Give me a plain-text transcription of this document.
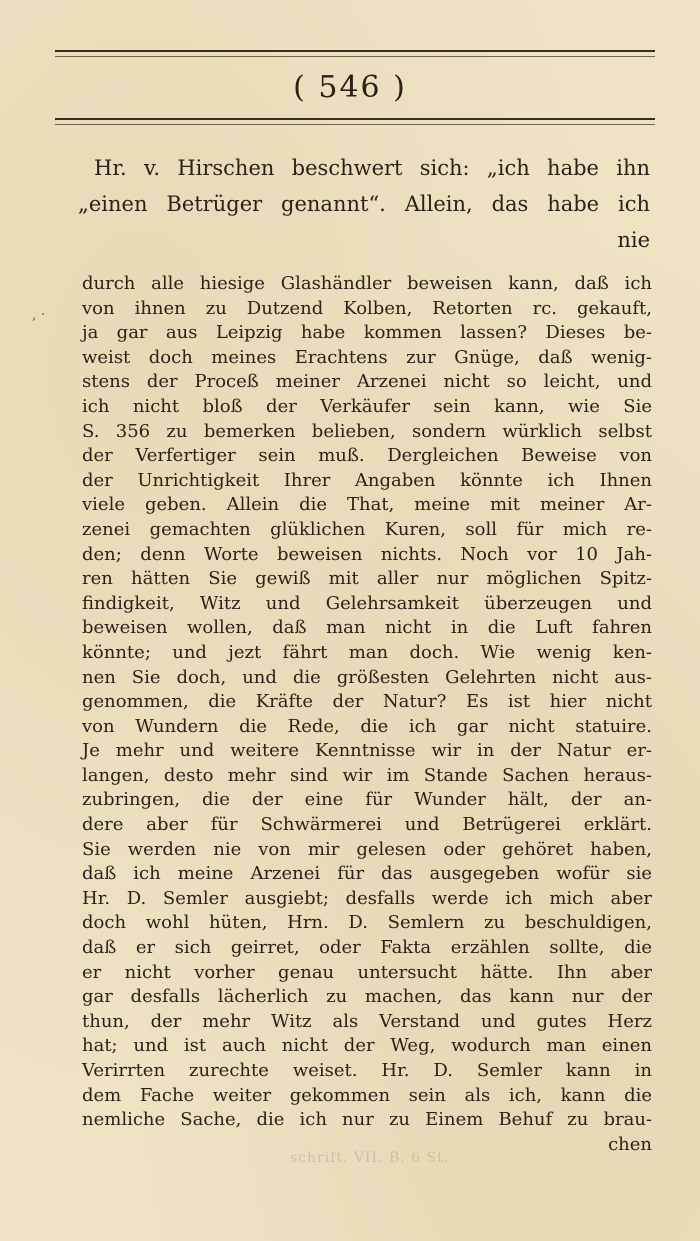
( 546 )
Hr. v. Hirschen beschwert sich: „ich habe ihn
„einen Betrüger genannt“. Allein, das habe ich
nie
, ·
durch alle hiesige Glashändler beweisen kann, daß ich
von ihnen zu Dutzend Kolben, Retorten rc. gekauft,
ja gar aus Leipzig habe kommen lassen? Dieses be-
weist doch meines Erachtens zur Gnüge, daß wenig-
stens der Proceß meiner Arzenei nicht so leicht, und
ich nicht bloß der Verkäufer sein kann, wie Sie
S. 356 zu bemerken belieben, sondern würklich selbst
der Verfertiger sein muß. Dergleichen Beweise von
der Unrichtigkeit Ihrer Angaben könnte ich Ihnen
viele geben. Allein die That, meine mit meiner Ar-
zenei gemachten glüklichen Kuren, soll für mich re-
den; denn Worte beweisen nichts. Noch vor 10 Jah-
ren hätten Sie gewiß mit aller nur möglichen Spitz-
findigkeit, Witz und Gelehrsamkeit überzeugen und
beweisen wollen, daß man nicht in die Luft fahren
könnte; und jezt fährt man doch. Wie wenig ken-
nen Sie doch, und die größesten Gelehrten nicht aus-
genommen, die Kräfte der Natur? Es ist hier nicht
von Wundern die Rede, die ich gar nicht statuire.
Je mehr und weitere Kenntnisse wir in der Natur er-
langen, desto mehr sind wir im Stande Sachen heraus-
zubringen, die der eine für Wunder hält, der an-
dere aber für Schwärmerei und Betrügerei erklärt.
Sie werden nie von mir gelesen oder gehöret haben,
daß ich meine Arzenei für das ausgegeben wofür sie
Hr. D. Semler ausgiebt; desfalls werde ich mich aber
doch wohl hüten, Hrn. D. Semlern zu beschuldigen,
daß er sich geirret, oder Fakta erzählen sollte, die
er nicht vorher genau untersucht hätte. Ihn aber
gar desfalls lächerlich zu machen, das kann nur der
thun, der mehr Witz als Verstand und gutes Herz
hat; und ist auch nicht der Weg, wodurch man einen
Verirrten zurechte weiset. Hr. D. Semler kann in
dem Fache weiter gekommen sein als ich, kann die
nemliche Sache, die ich nur zu Einem Behuf zu brau-
chen
schrift. VII. B. 6 St.
